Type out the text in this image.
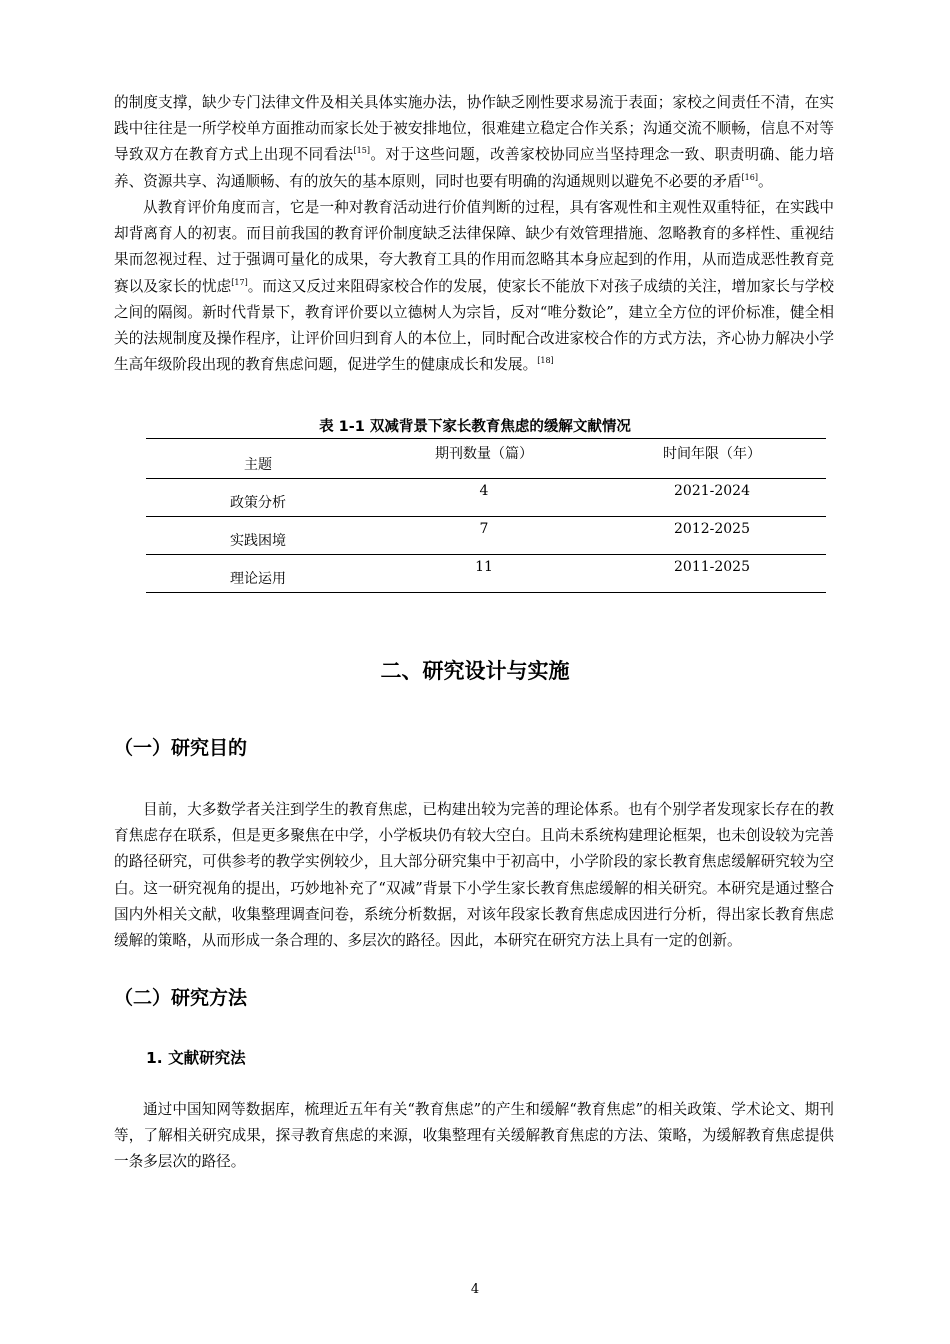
的制度支撑，缺少专门法律文件及相关具体实施办法，协作缺乏刚性要求易流于表面；家校之间责任不清，在实践中往往是一所学校单方面推动而家长处于被安排地位，很难建立稳定合作关系；沟通交流不顺畅，信息不对等导致双方在教育方式上出现不同看法[15]。对于这些问题，改善家校协同应当坚持理念一致、职责明确、能力培养、资源共享、沟通顺畅、有的放矢的基本原则，同时也要有明确的沟通规则以避免不必要的矛盾[16]。

从教育评价角度而言，它是一种对教育活动进行价值判断的过程，具有客观性和主观性双重特征，在实践中却背离育人的初衷。而目前我国的教育评价制度缺乏法律保障、缺少有效管理措施、忽略教育的多样性、重视结果而忽视过程、过于强调可量化的成果，夸大教育工具的作用而忽略其本身应起到的作用，从而造成恶性教育竞赛以及家长的忧虑[17]。而这又反过来阻碍家校合作的发展，使家长不能放下对孩子成绩的关注，增加家长与学校之间的隔阂。新时代背景下，教育评价要以立德树人为宗旨，反对“唯分数论”，建立全方位的评价标准，健全相关的法规制度及操作程序，让评价回归到育人的本位上，同时配合改进家校合作的方式方法，齐心协力解决小学生高年级阶段出现的教育焦虑问题，促进学生的健康成长和发展。[18]

表 1-1 双减背景下家长教育焦虑的缓解文献情况
主题	期刊数量（篇）	时间年限（年）
政策分析	4	2021-2024
实践困境	7	2012-2025
理论运用	11	2011-2025
二、研究设计与实施
（一）研究目的

目前，大多数学者关注到学生的教育焦虑，已构建出较为完善的理论体系。也有个别学者发现家长存在的教育焦虑存在联系，但是更多聚焦在中学，小学板块仍有较大空白。且尚未系统构建理论框架，也未创设较为完善的路径研究，可供参考的教学实例较少，且大部分研究集中于初高中，小学阶段的家长教育焦虑缓解研究较为空白。这一研究视角的提出，巧妙地补充了“双减”背景下小学生家长教育焦虑缓解的相关研究。本研究是通过整合国内外相关文献，收集整理调查问卷，系统分析数据，对该年段家长教育焦虑成因进行分析，得出家长教育焦虑缓解的策略，从而形成一条合理的、多层次的路径。因此，本研究在研究方法上具有一定的创新。

（二）研究方法
1. 文献研究法

通过中国知网等数据库，梳理近五年有关“教育焦虑”的产生和缓解“教育焦虑”的相关政策、学术论文、期刊等，了解相关研究成果，探寻教育焦虑的来源，收集整理有关缓解教育焦虑的方法、策略，为缓解教育焦虑提供一条多层次的路径。

4
